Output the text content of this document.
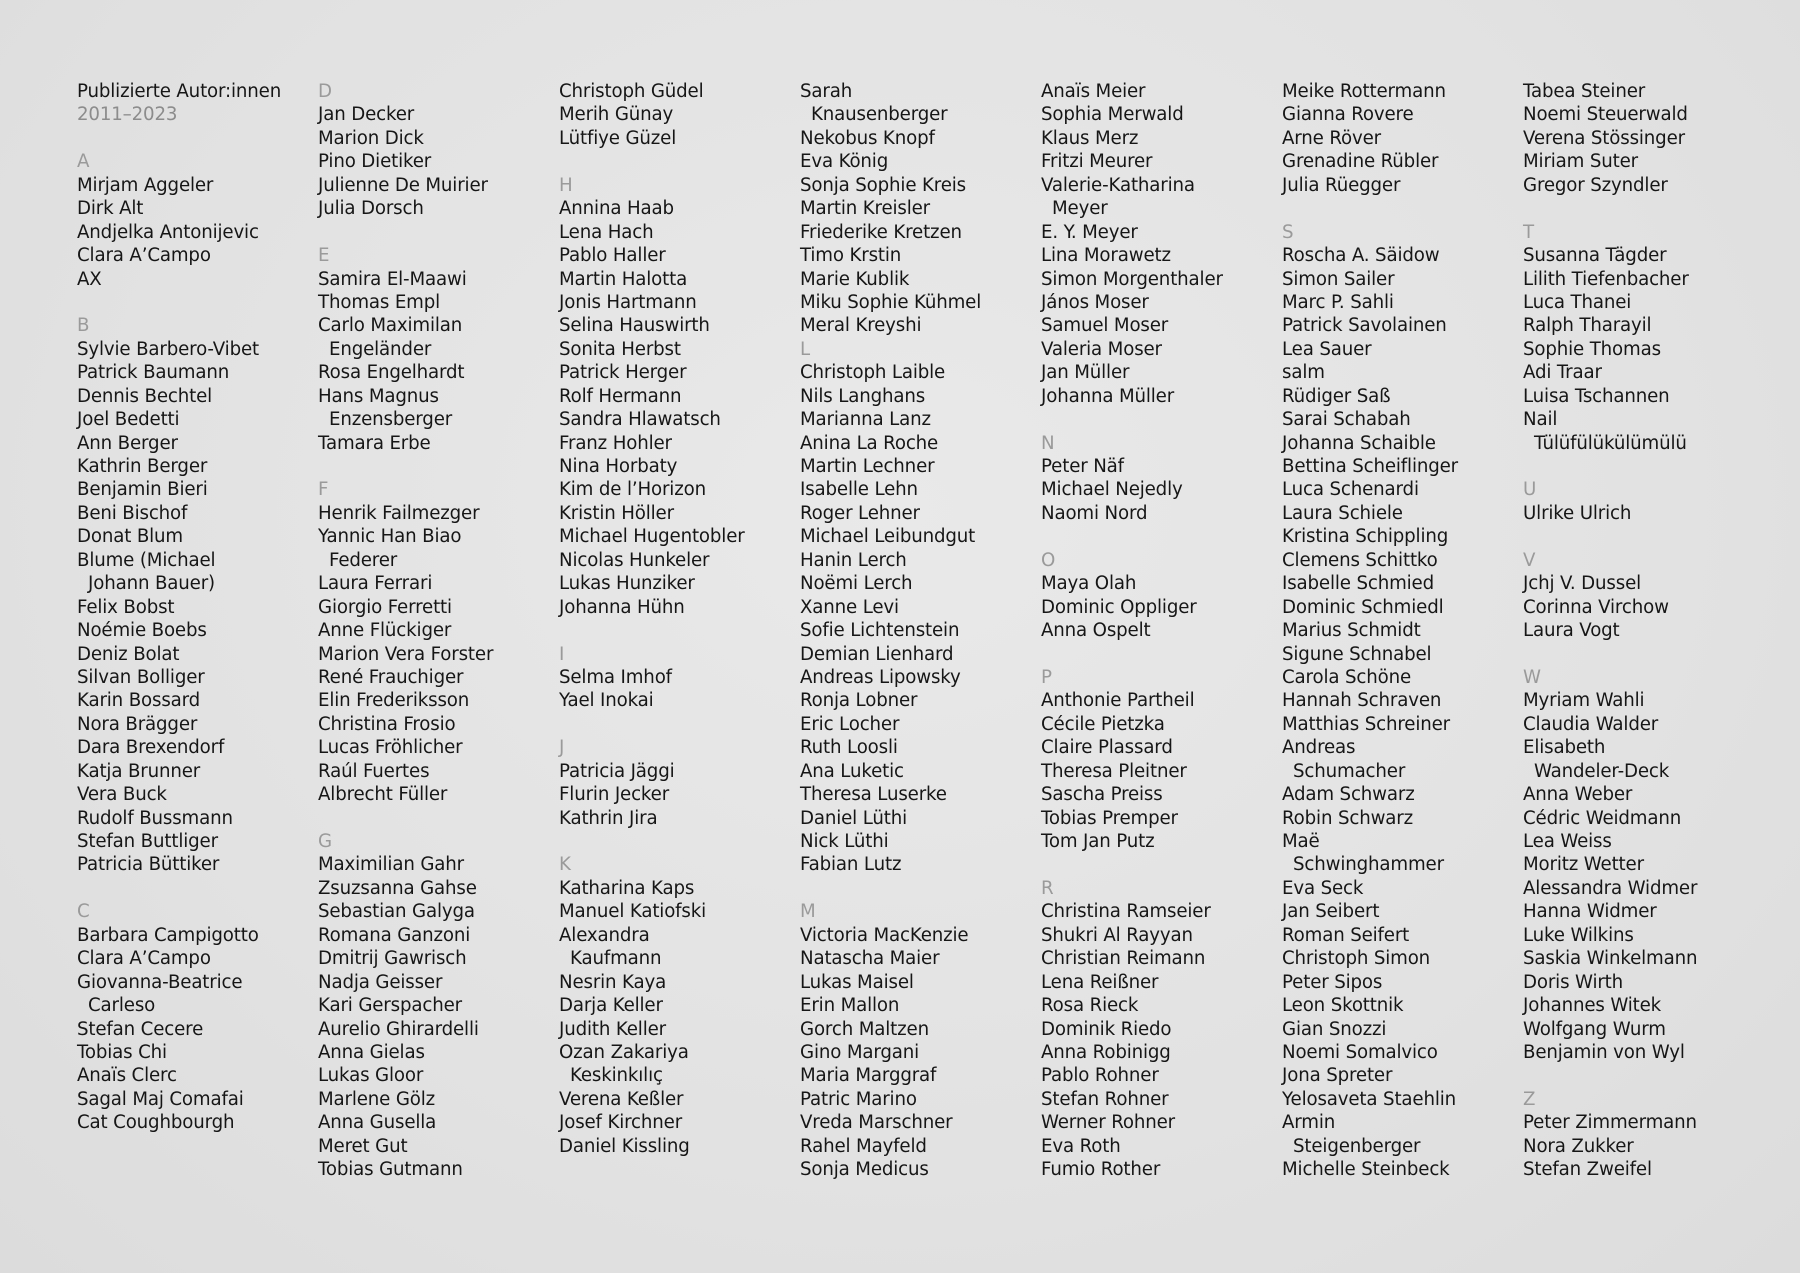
Publizierte Autor:innen
2011–2023
A
Mirjam Aggeler
Dirk Alt
Andjelka Antonijevic
Clara A’Campo
AX
B
Sylvie Barbero-Vibet
Patrick Baumann
Dennis Bechtel
Joel Bedetti
Ann Berger
Kathrin Berger
Benjamin Bieri
Beni Bischof
Donat Blum
Blume (Michael
Johann Bauer)
Felix Bobst
Noémie Boebs
Deniz Bolat
Silvan Bolliger
Karin Bossard
Nora Brägger
Dara Brexendorf
Katja Brunner
Vera Buck
Rudolf Bussmann
Stefan Buttliger
Patricia Büttiker
C
Barbara Campigotto
Clara A’Campo
Giovanna-Beatrice
Carleso
Stefan Cecere
Tobias Chi
Anaïs Clerc
Sagal Maj Comafai
Cat Coughbourgh
D
Jan Decker
Marion Dick
Pino Dietiker
Julienne De Muirier
Julia Dorsch
E
Samira El-Maawi
Thomas Empl
Carlo Maximilan
Engeländer
Rosa Engelhardt
Hans Magnus
Enzensberger
Tamara Erbe
F
Henrik Failmezger
Yannic Han Biao
Federer
Laura Ferrari
Giorgio Ferretti
Anne Flückiger
Marion Vera Forster
René Frauchiger
Elin Frederiksson
Christina Frosio
Lucas Fröhlicher
Raúl Fuertes
Albrecht Füller
G
Maximilian Gahr
Zsuzsanna Gahse
Sebastian Galyga
Romana Ganzoni
Dmitrij Gawrisch
Nadja Geisser
Kari Gerspacher
Aurelio Ghirardelli
Anna Gielas
Lukas Gloor
Marlene Gölz
Anna Gusella
Meret Gut
Tobias Gutmann
Christoph Güdel
Merih Günay
Lütfiye Güzel
H
Annina Haab
Lena Hach
Pablo Haller
Martin Halotta
Jonis Hartmann
Selina Hauswirth
Sonita Herbst
Patrick Herger
Rolf Hermann
Sandra Hlawatsch
Franz Hohler
Nina Horbaty
Kim de l’Horizon
Kristin Höller
Michael Hugentobler
Nicolas Hunkeler
Lukas Hunziker
Johanna Hühn
I
Selma Imhof
Yael Inokai
J
Patricia Jäggi
Flurin Jecker
Kathrin Jira
K
Katharina Kaps
Manuel Katiofski
Alexandra
Kaufmann
Nesrin Kaya
Darja Keller
Judith Keller
Ozan Zakariya
Keskinkılıç
Verena Keßler
Josef Kirchner
Daniel Kissling
Sarah
Knausenberger
Nekobus Knopf
Eva König
Sonja Sophie Kreis
Martin Kreisler
Friederike Kretzen
Timo Krstin
Marie Kublik
Miku Sophie Kühmel
Meral Kreyshi
L
Christoph Laible
Nils Langhans
Marianna Lanz
Anina La Roche
Martin Lechner
Isabelle Lehn
Roger Lehner
Michael Leibundgut
Hanin Lerch
Noëmi Lerch
Xanne Levi
Sofie Lichtenstein
Demian Lienhard
Andreas Lipowsky
Ronja Lobner
Eric Locher
Ruth Loosli
Ana Luketic
Theresa Luserke
Daniel Lüthi
Nick Lüthi
Fabian Lutz
M
Victoria MacKenzie
Natascha Maier
Lukas Maisel
Erin Mallon
Gorch Maltzen
Gino Margani
Maria Marggraf
Patric Marino
Vreda Marschner
Rahel Mayfeld
Sonja Medicus
Anaïs Meier
Sophia Merwald
Klaus Merz
Fritzi Meurer
Valerie-Katharina
Meyer
E. Y. Meyer
Lina Morawetz
Simon Morgenthaler
János Moser
Samuel Moser
Valeria Moser
Jan Müller
Johanna Müller
N
Peter Näf
Michael Nejedly
Naomi Nord
O
Maya Olah
Dominic Oppliger
Anna Ospelt
P
Anthonie Partheil
Cécile Pietzka
Claire Plassard
Theresa Pleitner
Sascha Preiss
Tobias Premper
Tom Jan Putz
R
Christina Ramseier
Shukri Al Rayyan
Christian Reimann
Lena Reißner
Rosa Rieck
Dominik Riedo
Anna Robinigg
Pablo Rohner
Stefan Rohner
Werner Rohner
Eva Roth
Fumio Rother
Meike Rottermann
Gianna Rovere
Arne Röver
Grenadine Rübler
Julia Rüegger
S
Roscha A. Säidow
Simon Sailer
Marc P. Sahli
Patrick Savolainen
Lea Sauer
salm
Rüdiger Saß
Sarai Schabah
Johanna Schaible
Bettina Scheiflinger
Luca Schenardi
Laura Schiele
Kristina Schippling
Clemens Schittko
Isabelle Schmied
Dominic Schmiedl
Marius Schmidt
Sigune Schnabel
Carola Schöne
Hannah Schraven
Matthias Schreiner
Andreas
Schumacher
Adam Schwarz
Robin Schwarz
Maë
Schwinghammer
Eva Seck
Jan Seibert
Roman Seifert
Christoph Simon
Peter Sipos
Leon Skottnik
Gian Snozzi
Noemi Somalvico
Jona Spreter
Yelosaveta Staehlin
Armin
Steigenberger
Michelle Steinbeck
Tabea Steiner
Noemi Steuerwald
Verena Stössinger
Miriam Suter
Gregor Szyndler
T
Susanna Tägder
Lilith Tiefenbacher
Luca Thanei
Ralph Tharayil
Sophie Thomas
Adi Traar
Luisa Tschannen
Nail
Tülüfülükülümülü
U
Ulrike Ulrich
V
Jchj V. Dussel
Corinna Virchow
Laura Vogt
W
Myriam Wahli
Claudia Walder
Elisabeth
Wandeler-Deck
Anna Weber
Cédric Weidmann
Lea Weiss
Moritz Wetter
Alessandra Widmer
Hanna Widmer
Luke Wilkins
Saskia Winkelmann
Doris Wirth
Johannes Witek
Wolfgang Wurm
Benjamin von Wyl
Z
Peter Zimmermann
Nora Zukker
Stefan Zweifel
